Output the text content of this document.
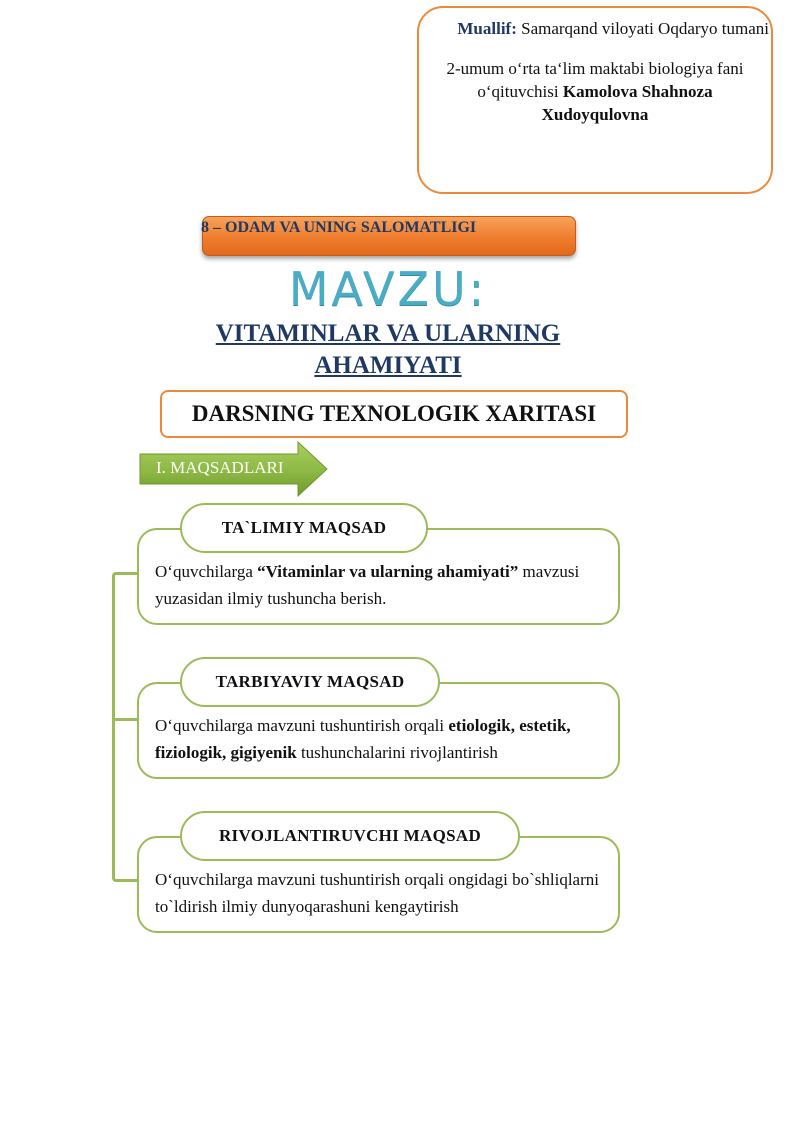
Muallif: Samarqand viloyati Oqdaryo tumani
2-umum oʻrta taʻlim maktabi biologiya fani oʻqituvchisi Kamolova Shahnoza Xudoyqulovna
8 – ODAM VA UNING SALOMATLIGI
MAVZU:
VITAMINLAR VA ULARNING AHAMIYATI
DARSNING TEXNOLOGIK XARITASI
I. MAQSADLARI
Oʻquvchilarga “Vitaminlar va ularning ahamiyati” mavzusi yuzasidan ilmiy tushuncha berish.
TA`LIMIY MAQSAD
Oʻquvchilarga mavzuni tushuntirish orqali etiologik, estetik, fiziologik, gigiyenik tushunchalarini rivojlantirish
TARBIYAVIY MAQSAD
Oʻquvchilarga mavzuni tushuntirish orqali ongidagi bo`shliqlarni to`ldirish ilmiy dunyoqarashuni kengaytirish
RIVOJLANTIRUVCHI MAQSAD
